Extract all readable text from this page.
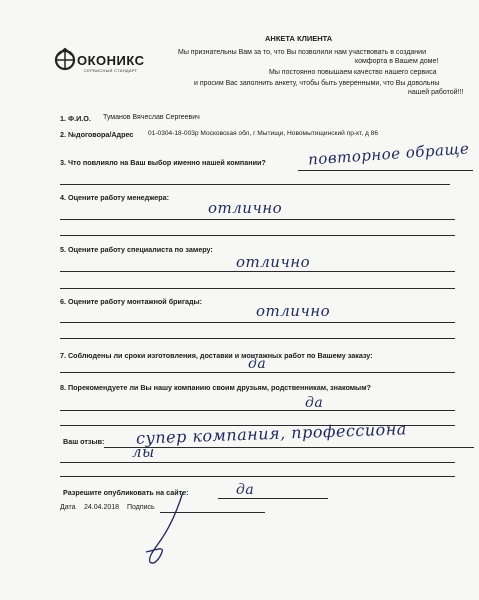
ОКОНИКС
СЕРВИСНЫЙ СТАНДАРТ
АНКЕТА КЛИЕНТА
Мы признательны Вам за то, что Вы позволили нам участвовать в создании
комфорта в Вашем доме!
Мы постоянно повышаем качество нашего сервиса
и просим Вас заполнить анкету, чтобы быть уверенными, что Вы довольны
нашей работой!!!
1. Ф.И.О. Туманов Вячеслав Сергеевич
2. №договора/Адрес 01-0304-18-003р Московская обл, г Мытищи, Новомытищинский пр-кт, д 86
3. Что повлияло на Ваш выбор именно нашей компании?	повторное обраще
4. Оцените работу менеджера:
отлично
5. Оцените работу специалиста по замеру:
отлично
6. Оцените работу монтажной бригады:
отлично
7. Соблюдены ли сроки изготовления, доставки и монтажных работ по Вашему заказу:
да
8. Порекомендуете ли Вы нашу компанию своим друзьям, родственникам, знакомым?
да
Ваш отзыв: супер компания, профессиона
лы
Разрешите опубликовать на сайте:	да
Дата 24.04.2018 Подпись
